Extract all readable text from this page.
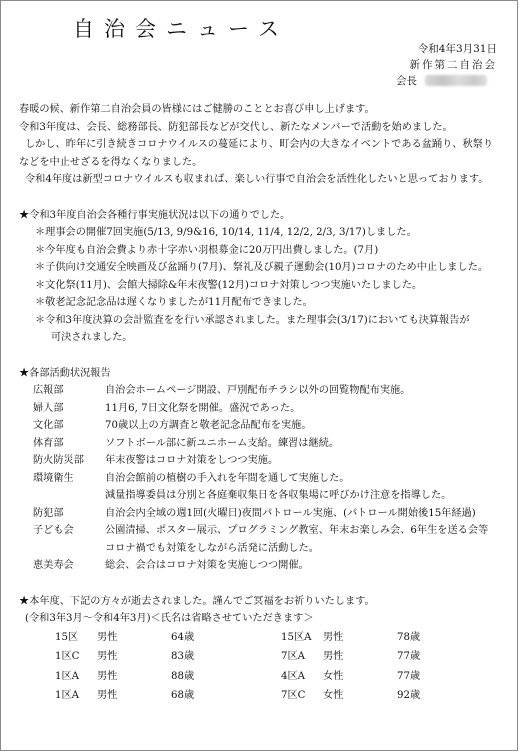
自治会ニュース
令和4年3月31日
新作第二自治会
会長
春暖の候、新作第二自治会員の皆様にはご健勝のこととお喜び申し上げます。
令和3年度は、会長、総務部長、防犯部長などが交代し、新たなメンバーで活動を始めました。
しかし、昨年に引き続きコロナウイルスの蔓延により、町会内の大きなイベントである盆踊り、秋祭り
などを中止せざるを得なくなりました。
令和4年度は新型コロナウイルスも収まれば、楽しい行事で自治会を活性化したいと思っております。
★令和3年度自治会各種行事実施状況は以下の通りでした。
＊理事会の開催7回実施(5/13, 9/9&16, 10/14, 11/4, 12/2, 2/3, 3/17)しました。
＊今年度も自治会費より赤十字赤い羽根募金に20万円出費しました。(7月)
＊子供向け交通安全映画及び盆踊り(7月)、祭礼及び親子運動会(10月)コロナのため中止しました。
＊文化祭(11月)、会館大掃除&年末夜警(12月)コロナ対策しつつ実施いたしました。
＊敬老記念記念品は遅くなりましたが11月配布できました。
＊令和3年度決算の会計監査をを行い承認されました。また理事会(3/17)においても決算報告が
可決されました。
★各部活動状況報告
広報部	自治会ホームページ開設、戸別配布チラシ以外の回覧物配布実施。
婦人部	11月6, 7日文化祭を開催。盛況であった。
文化部	70歳以上の方調査と敬老記念品配布を実施。
体育部	ソフトボール部に新ユニホーム支給。練習は継続。
防火防災部	年末夜警はコロナ対策をしつつ実施。
環境衛生	自治会館前の植樹の手入れを年間を通して実施した。
減量指導委員は分別と各庭棄収集日を各収集場に呼びかけ注意を指導した。
防犯部	自治会内全域の週1回(火曜日)夜間パトロール実施、(パトロール開始後15年経過)
子ども会	公園清掃、ポスター展示、プログラミング教室、年末お楽しみ会、6年生を送る会等
コロナ禍でも対策をしながら活発に活動した。
恵美寿会	総会、会合はコロナ対策を実施しつつ開催。
★本年度、下記の方々が逝去されました。謹んでご冥福をお祈りいたします。
(令和3年3月～令和4年3月)＜氏名は省略させていただきます＞
15区	男性	64歳	15区A	男性	78歳
1区C	男性	83歳	7区A	男性	77歳
1区A	男性	88歳	4区A	女性	77歳
1区A	男性	68歳	7区C	女性	92歳
